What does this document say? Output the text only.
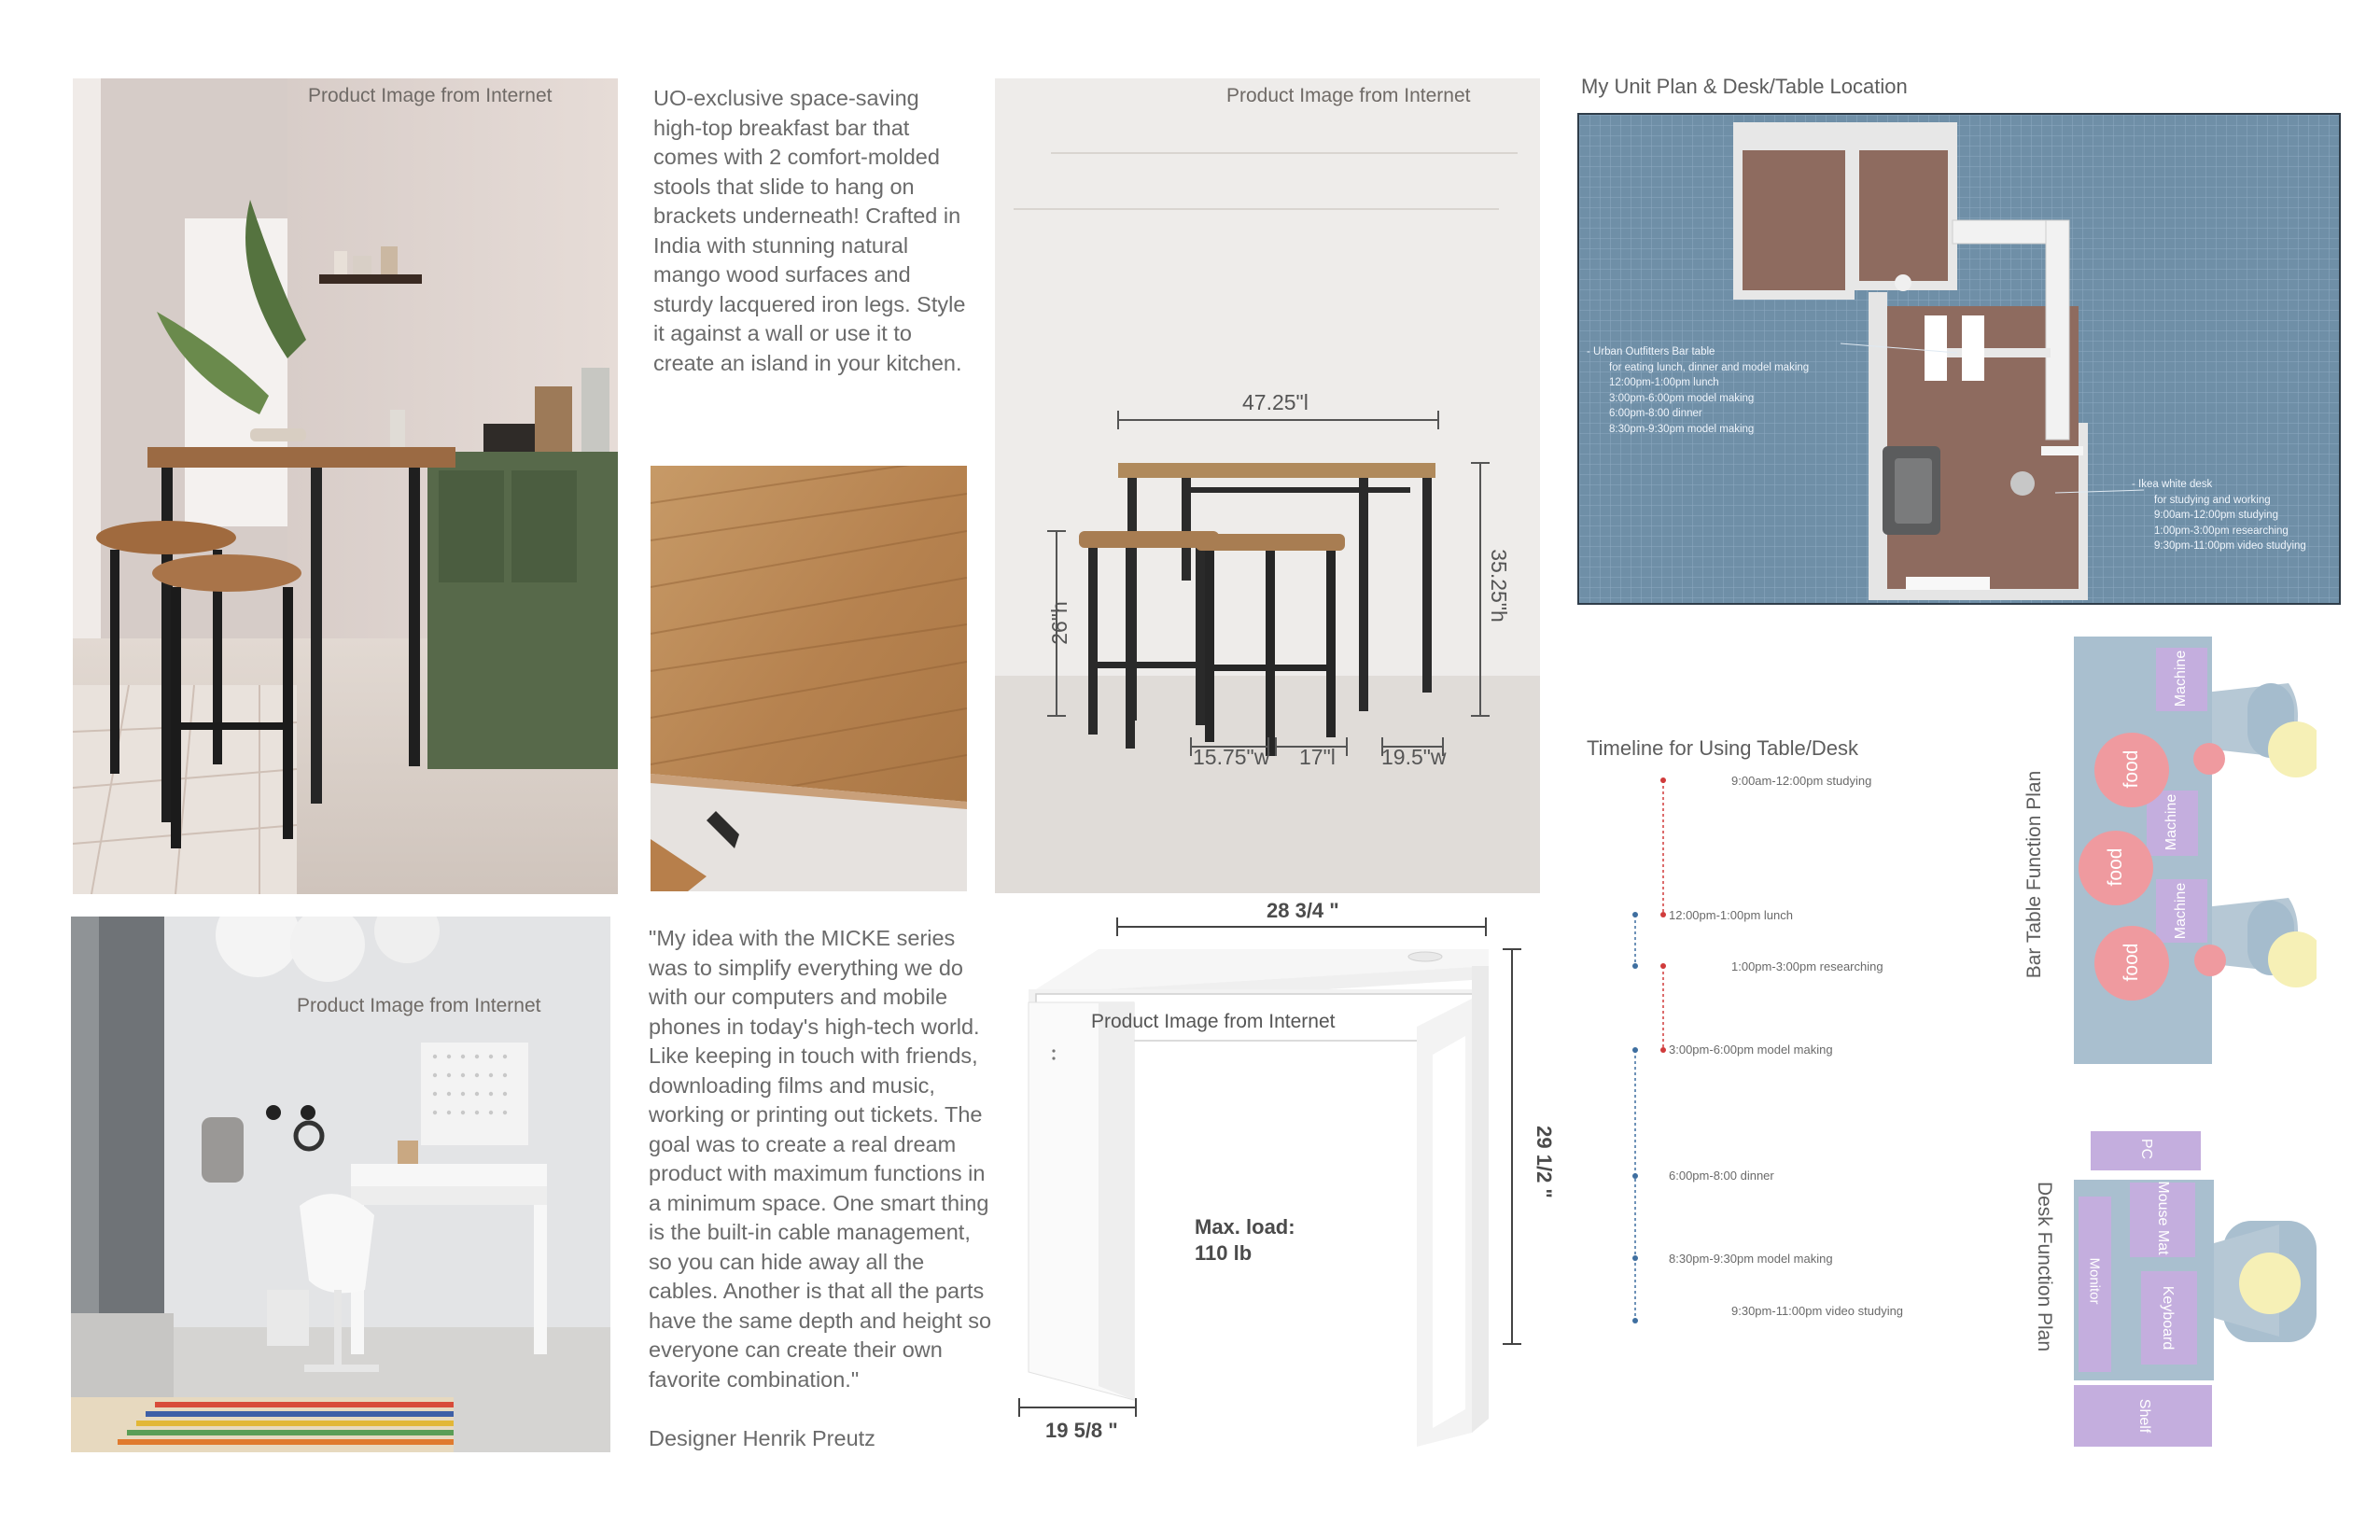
Product Image from Internet	UO-exclusive space-saving high-top breakfast bar that comes with 2 comfort-molded stools that slide to hang on brackets underneath! Crafted in India with stunning natural mango wood surfaces and sturdy lacquered iron legs. Style it against a wall or use it to create an island in your kitchen.
Product Image from Internet
47.25"l
35.25"h
26"h
15.75"w 17"l 19.5"w
Product Image from Internet
"My idea with the MICKE series was to simplify everything we do with our computers and mobile phones in today's high-tech world. Like keeping in touch with friends, downloading films and music, working or printing out tickets. The goal was to create a real dream product with maximum functions in a minimum space. One smart thing is the built-in cable management, so you can hide away all the cables. Another is that all the parts have the same depth and height so everyone can create their own favorite combination."
Designer Henrik Preutz
Product Image from Internet
28 3/4 "
29 1/2 "
19 5/8 "
Max. load:
110 lb
My Unit Plan & Desk/Table Location
- Urban Outfitters Bar table
for eating lunch, dinner and model making
12:00pm-1:00pm lunch
3:00pm-6:00pm model making
6:00pm-8:00 dinner
8:30pm-9:30pm model making
- Ikea white desk
for studying and working
9:00am-12:00pm studying
1:00pm-3:00pm researching
9:30pm-11:00pm video studying
Timeline for Using Table/Desk
9:00am-12:00pm studying
12:00pm-1:00pm lunch
1:00pm-3:00pm researching
3:00pm-6:00pm model making
6:00pm-8:00 dinner
8:30pm-9:30pm model making
9:30pm-11:00pm video studying
Bar Table Function Plan
Machine
food
Machine
food
Machine
food
Desk Function Plan
PC
Mouse Mat
Monitor
Keyboard
Shelf
